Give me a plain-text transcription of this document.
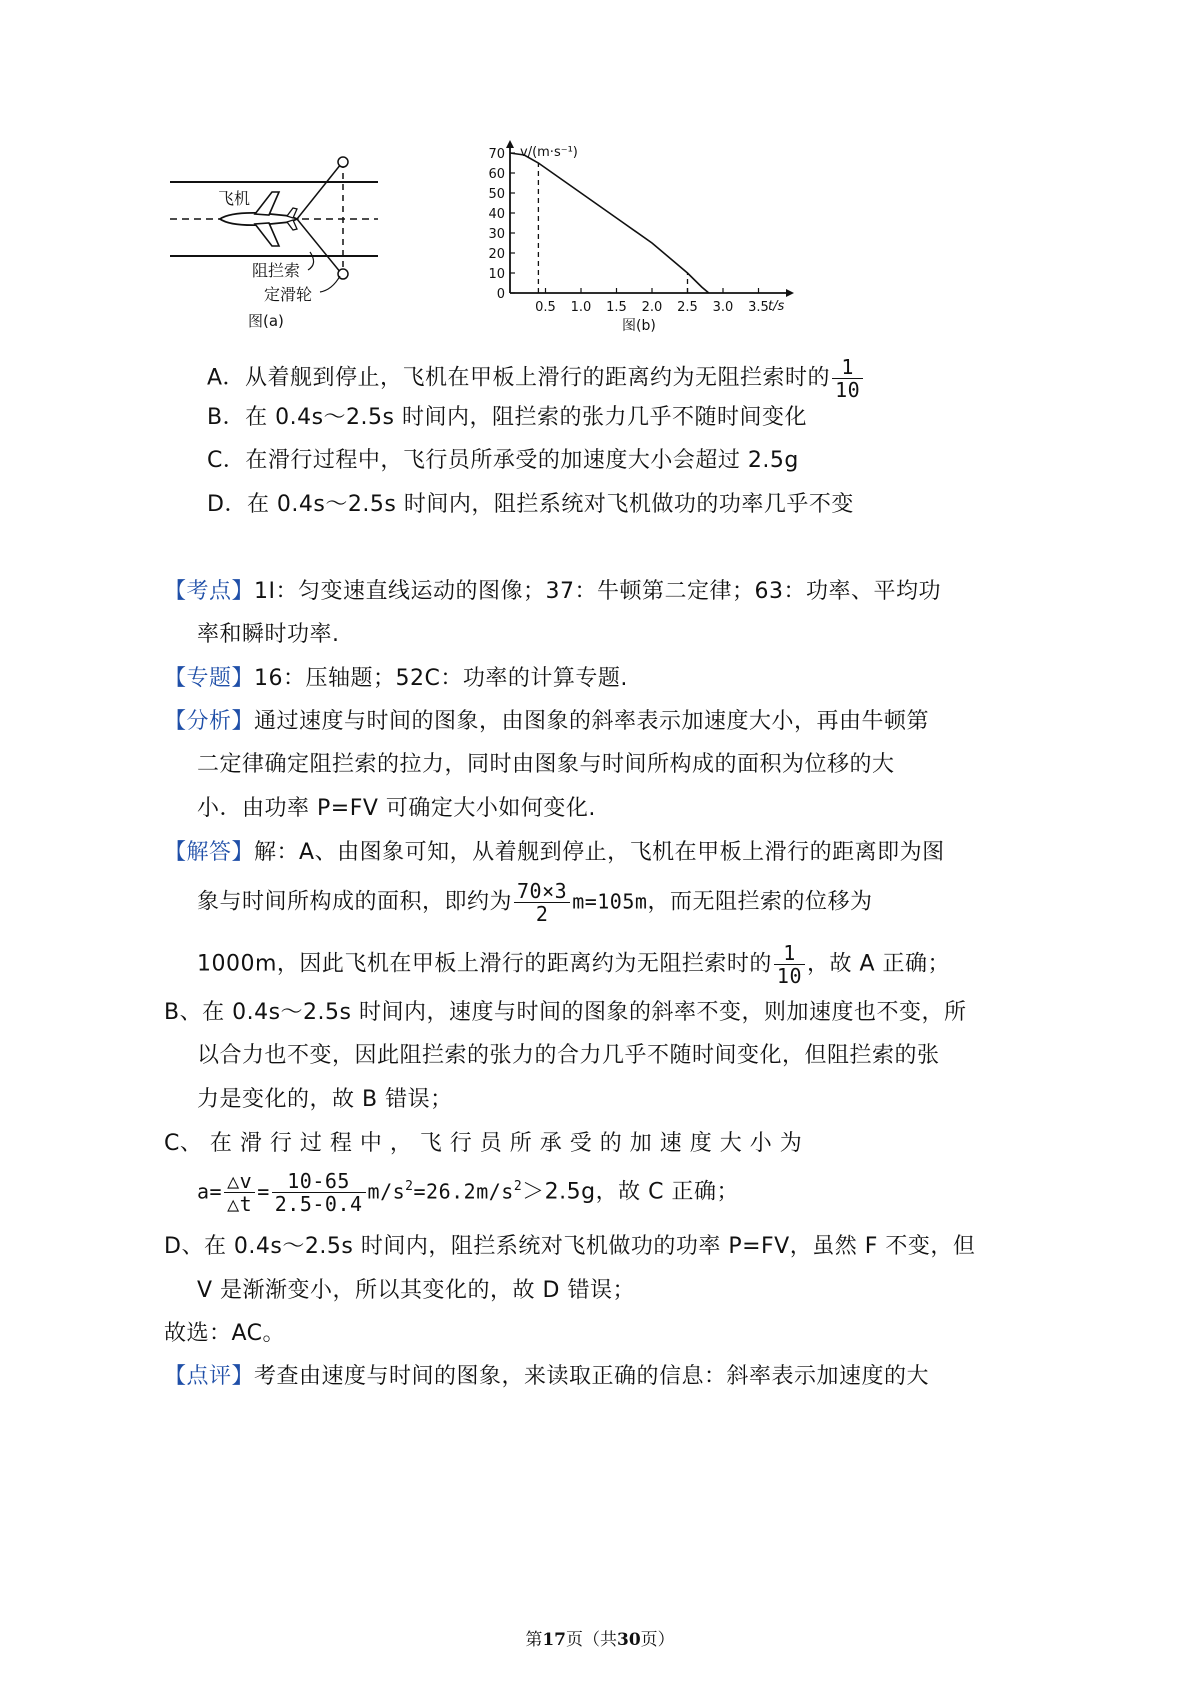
飞机
阻拦索
定滑轮
图(a)
v/(m·s⁻¹)
t/s
图(b)
0
10
20
30
40
50
60
70
0.5 1.0 1.5 2.0 2.5 3.0 3.5
A．从着舰到停止，飞机在甲板上滑行的距离约为无阻拦索时的 $\frac{1}{10}$
B．在 0.4s～2.5s 时间内，阻拦索的张力几乎不随时间变化
C．在滑行过程中，飞行员所承受的加速度大小会超过 2.5g
D．在 0.4s～2.5s 时间内，阻拦系统对飞机做功的功率几乎不变
【考点】1I：匀变速直线运动的图像；37：牛顿第二定律；63：功率、平均功
率和瞬时功率.
【专题】16：压轴题；52C：功率的计算专题.
【分析】通过速度与时间的图象，由图象的斜率表示加速度大小，再由牛顿第
二定律确定阻拦索的拉力，同时由图象与时间所构成的面积为位移的大
小．由功率 P=FV 可确定大小如何变化.
【解答】解：A、由图象可知，从着舰到停止，飞机在甲板上滑行的距离即为图
象与时间所构成的面积，即约为 $\frac{70\times 3}{2} m=105m$，而无阻拦索的位移为
1000m，因此飞机在甲板上滑行的距离约为无阻拦索时的 $\frac{1}{10}$ ，故 A 正确；
B、在 0.4s～2.5s 时间内，速度与时间的图象的斜率不变，则加速度也不变，所
以合力也不变，因此阻拦索的张力的合力几乎不随时间变化，但阻拦索的张
力是变化的，故 B 错误；
C、 在 滑 行 过 程 中 ， 飞 行 员 所 承 受 的 加 速 度 大 小 为
$a= \frac{\triangle v}{\triangle t} = \frac{10-65}{2.5-0.4} m/s^2=26.2m/s^2>2.5g$，故 C 正确；
D、在 0.4s～2.5s 时间内，阻拦系统对飞机做功的功率 P=FV，虽然 F 不变，但
V 是渐渐变小，所以其变化的，故 D 错误；
故选：AC。
【点评】考查由速度与时间的图象，来读取正确的信息：斜率表示加速度的大
第17页（共30页）
